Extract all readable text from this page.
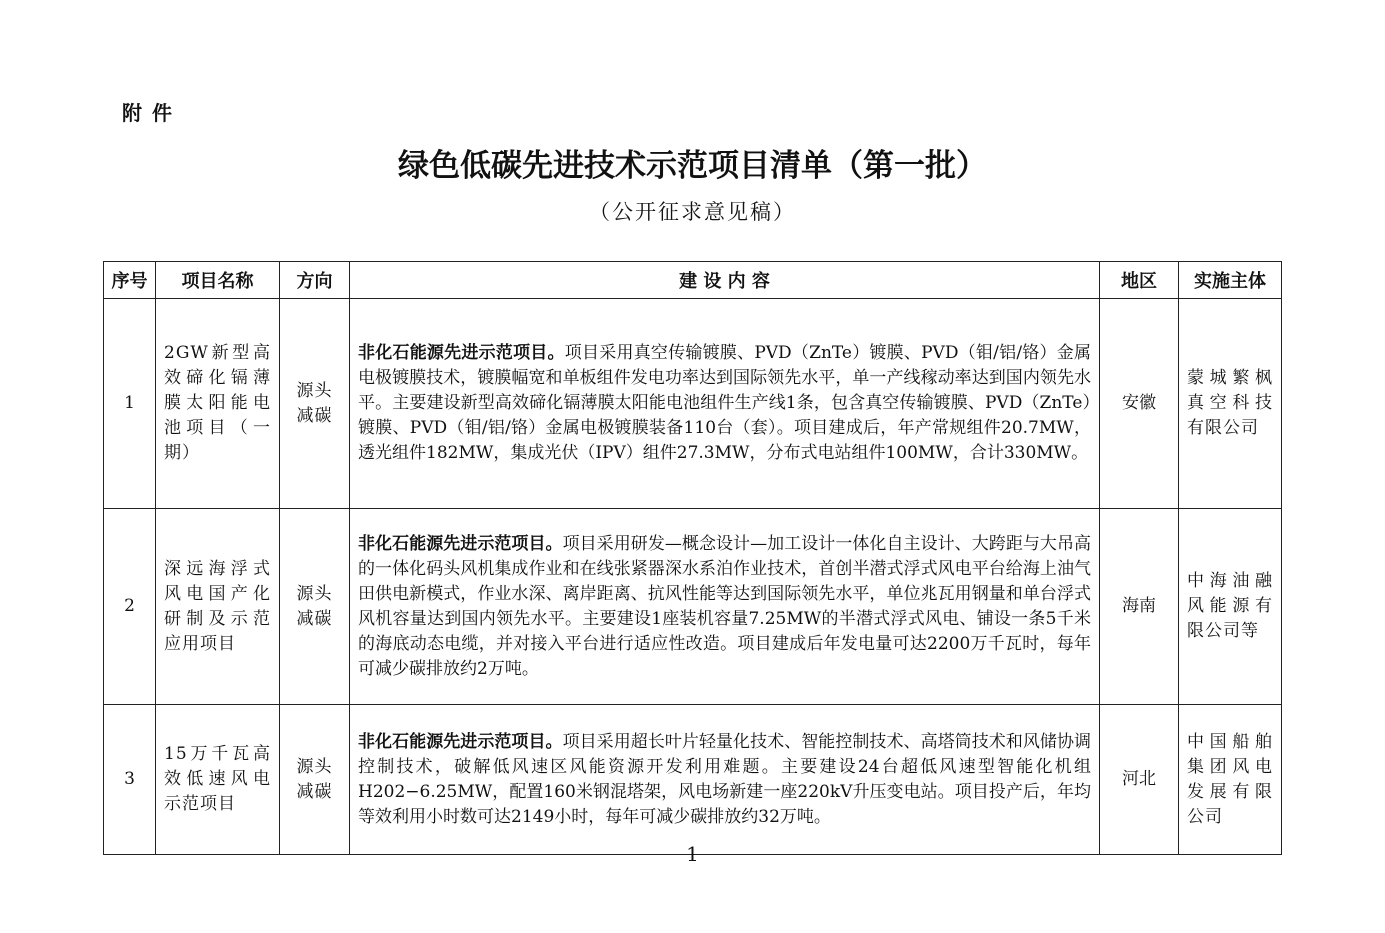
附件
绿色低碳先进技术示范项目清单（第一批）
（公开征求意见稿）
序号	项目名称	方向	建 设 内 容	地区	实施主体
1	2GW新型高效碲化镉薄膜太阳能电池项目（一期）	源头减碳	非化石能源先进示范项目。项目采用真空传输镀膜、PVD（ZnTe）镀膜、PVD（钼/铝/铬）金属电极镀膜技术，镀膜幅宽和单板组件发电功率达到国际领先水平，单一产线稼动率达到国内领先水平。主要建设新型高效碲化镉薄膜太阳能电池组件生产线1条，包含真空传输镀膜、PVD（ZnTe）镀膜、PVD（钼/铝/铬）金属电极镀膜装备110台（套）。项目建成后，年产常规组件20.7MW，透光组件182MW，集成光伏（IPV）组件27.3MW，分布式电站组件100MW，合计330MW。	安徽	蒙城繁枫真空科技有限公司
2	深远海浮式风电国产化研制及示范应用项目	源头减碳	非化石能源先进示范项目。项目采用研发—概念设计—加工设计一体化自主设计、大跨距与大吊高的一体化码头风机集成作业和在线张紧器深水系泊作业技术，首创半潜式浮式风电平台给海上油气田供电新模式，作业水深、离岸距离、抗风性能等达到国际领先水平，单位兆瓦用钢量和单台浮式风机容量达到国内领先水平。主要建设1座装机容量7.25MW的半潜式浮式风电、铺设一条5千米的海底动态电缆，并对接入平台进行适应性改造。项目建成后年发电量可达2200万千瓦时，每年可减少碳排放约2万吨。	海南	中海油融风能源有限公司等
3	15万千瓦高效低速风电示范项目	源头减碳	非化石能源先进示范项目。项目采用超长叶片轻量化技术、智能控制技术、高塔筒技术和风储协调控制技术，破解低风速区风能资源开发利用难题。主要建设24台超低风速型智能化机组H202−6.25MW，配置160米钢混塔架，风电场新建一座220kV升压变电站。项目投产后，年均等效利用小时数可达2149小时，每年可减少碳排放约32万吨。	河北	中国船舶集团风电发展有限公司
1
